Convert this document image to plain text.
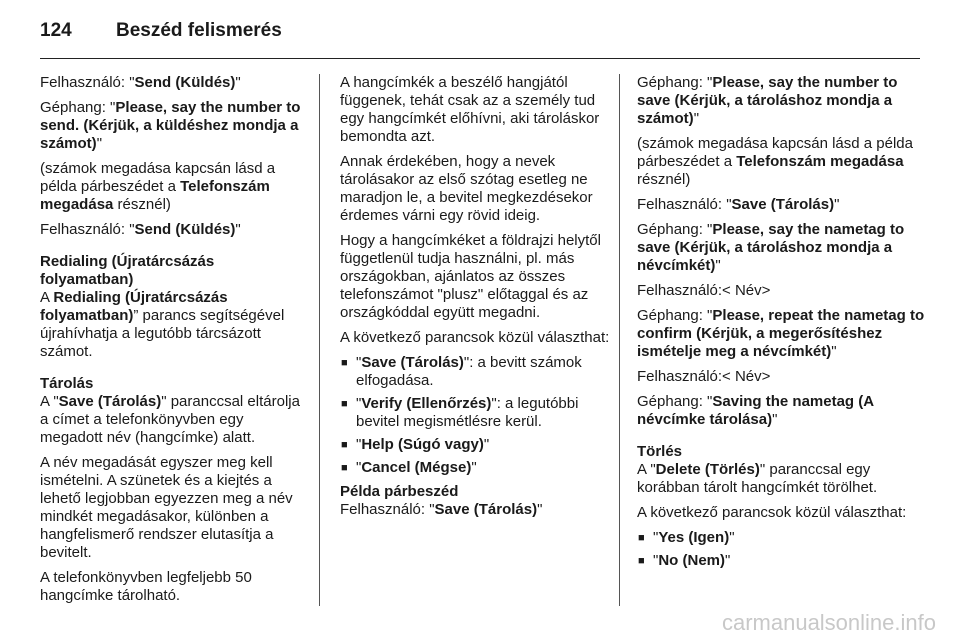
124 Beszéd felismerés

Felhasználó: "Send (Küldés)"

Géphang: "Please, say the number to send. (Kérjük, a küldéshez mondja a számot)"

(számok megadása kapcsán lásd a példa párbeszédet a Telefonszám megadása résznél)

Felhasználó: "Send (Küldés)"

Redialing (Újratárcsázás folyamatban)

A Redialing (Újratárcsázás folyamatban)” parancs segítségével újrahívhatja a legutóbb tárcsázott számot.

Tárolás

A "Save (Tárolás)" paranccsal eltárolja a címet a telefonkönyvben egy megadott név (hangcímke) alatt.

A név megadását egyszer meg kell ismételni. A szünetek és a kiejtés a lehető legjobban egyezzen meg a név mindkét megadásakor, különben a hangfelismerő rendszer elutasítja a bevitelt.

A telefonkönyvben legfeljebb 50 hangcímke tárolható.

A hangcímkék a beszélő hangjától függenek, tehát csak az a személy tud egy hangcímkét előhívni, aki tároláskor bemondta azt.

Annak érdekében, hogy a nevek tárolásakor az első szótag esetleg ne maradjon le, a bevitel megkezdésekor érdemes várni egy rövid ideig.

Hogy a hangcímkéket a földrajzi helytől függetlenül tudja használni, pl. más országokban, ajánlatos az összes telefonszámot "plusz" előtaggal és az országkóddal együtt megadni.

A következő parancsok közül választhat:

■ "Save (Tárolás)": a bevitt számok elfogadása.
■ "Verify (Ellenőrzés)": a legutóbbi bevitel megismétlésre kerül.
■ "Help (Súgó vagy)"
■ "Cancel (Mégse)"
Példa párbeszéd

Felhasználó: "Save (Tárolás)"

Géphang: "Please, say the number to save (Kérjük, a tároláshoz mondja a számot)"

(számok megadása kapcsán lásd a példa párbeszédet a Telefonszám megadása résznél)

Felhasználó: "Save (Tárolás)"

Géphang: "Please, say the nametag to save (Kérjük, a tároláshoz mondja a névcímkét)"

Felhasználó:< Név>

Géphang: "Please, repeat the nametag to confirm (Kérjük, a megerősítéshez ismételje meg a névcímkét)"

Felhasználó:< Név>

Géphang: "Saving the nametag (A névcímke tárolása)"

Törlés

A "Delete (Törlés)" paranccsal egy korábban tárolt hangcímkét törölhet.

A következő parancsok közül választhat:

■ "Yes (Igen)"
■ "No (Nem)"
carmanualsonline.info
